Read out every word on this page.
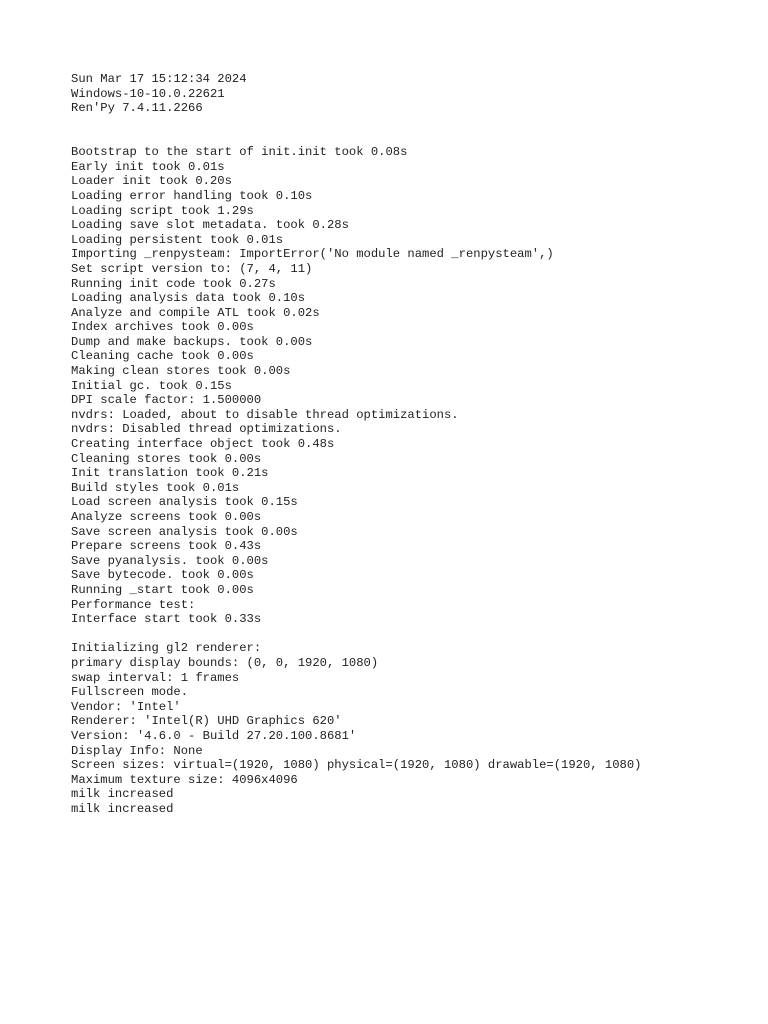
Sun Mar 17 15:12:34 2024
Windows-10-10.0.22621
Ren'Py 7.4.11.2266
Bootstrap to the start of init.init took 0.08s
Early init took 0.01s
Loader init took 0.20s
Loading error handling took 0.10s
Loading script took 1.29s
Loading save slot metadata. took 0.28s
Loading persistent took 0.01s
Importing _renpysteam: ImportError('No module named _renpysteam',)
Set script version to: (7, 4, 11)
Running init code took 0.27s
Loading analysis data took 0.10s
Analyze and compile ATL took 0.02s
Index archives took 0.00s
Dump and make backups. took 0.00s
Cleaning cache took 0.00s
Making clean stores took 0.00s
Initial gc. took 0.15s
DPI scale factor: 1.500000
nvdrs: Loaded, about to disable thread optimizations.
nvdrs: Disabled thread optimizations.
Creating interface object took 0.48s
Cleaning stores took 0.00s
Init translation took 0.21s
Build styles took 0.01s
Load screen analysis took 0.15s
Analyze screens took 0.00s
Save screen analysis took 0.00s
Prepare screens took 0.43s
Save pyanalysis. took 0.00s
Save bytecode. took 0.00s
Running _start took 0.00s
Performance test:
Interface start took 0.33s
Initializing gl2 renderer:
primary display bounds: (0, 0, 1920, 1080)
swap interval: 1 frames
Fullscreen mode.
Vendor: 'Intel'
Renderer: 'Intel(R) UHD Graphics 620'
Version: '4.6.0 - Build 27.20.100.8681'
Display Info: None
Screen sizes: virtual=(1920, 1080) physical=(1920, 1080) drawable=(1920, 1080)
Maximum texture size: 4096x4096
milk increased
milk increased
